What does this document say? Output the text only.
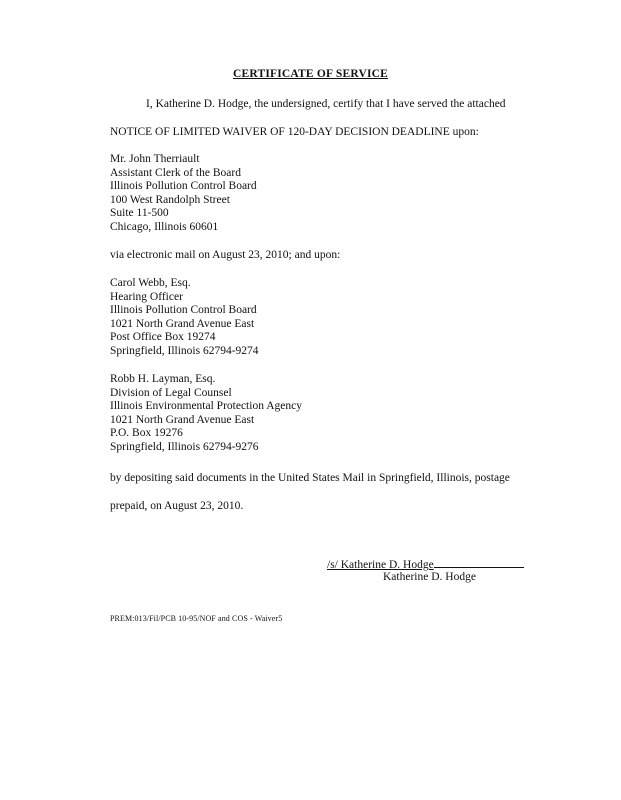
CERTIFICATE OF SERVICE
I, Katherine D. Hodge, the undersigned, certify that I have served the attached
NOTICE OF LIMITED WAIVER OF 120-DAY DECISION DEADLINE upon:
Mr. John Therriault
Assistant Clerk of the Board
Illinois Pollution Control Board
100 West Randolph Street
Suite 11-500
Chicago, Illinois 60601
via electronic mail on August 23, 2010; and upon:
Carol Webb, Esq.
Hearing Officer
Illinois Pollution Control Board
1021 North Grand Avenue East
Post Office Box 19274
Springfield, Illinois 62794-9274
Robb H. Layman, Esq.
Division of Legal Counsel
Illinois Environmental Protection Agency
1021 North Grand Avenue East
P.O. Box 19276
Springfield, Illinois 62794-9276
by depositing said documents in the United States Mail in Springfield, Illinois, postage
prepaid, on August 23, 2010.
/s/ Katherine D. Hodge
Katherine D. Hodge
PREM:013/Fil/PCB 10-95/NOF and COS - Waiver5
